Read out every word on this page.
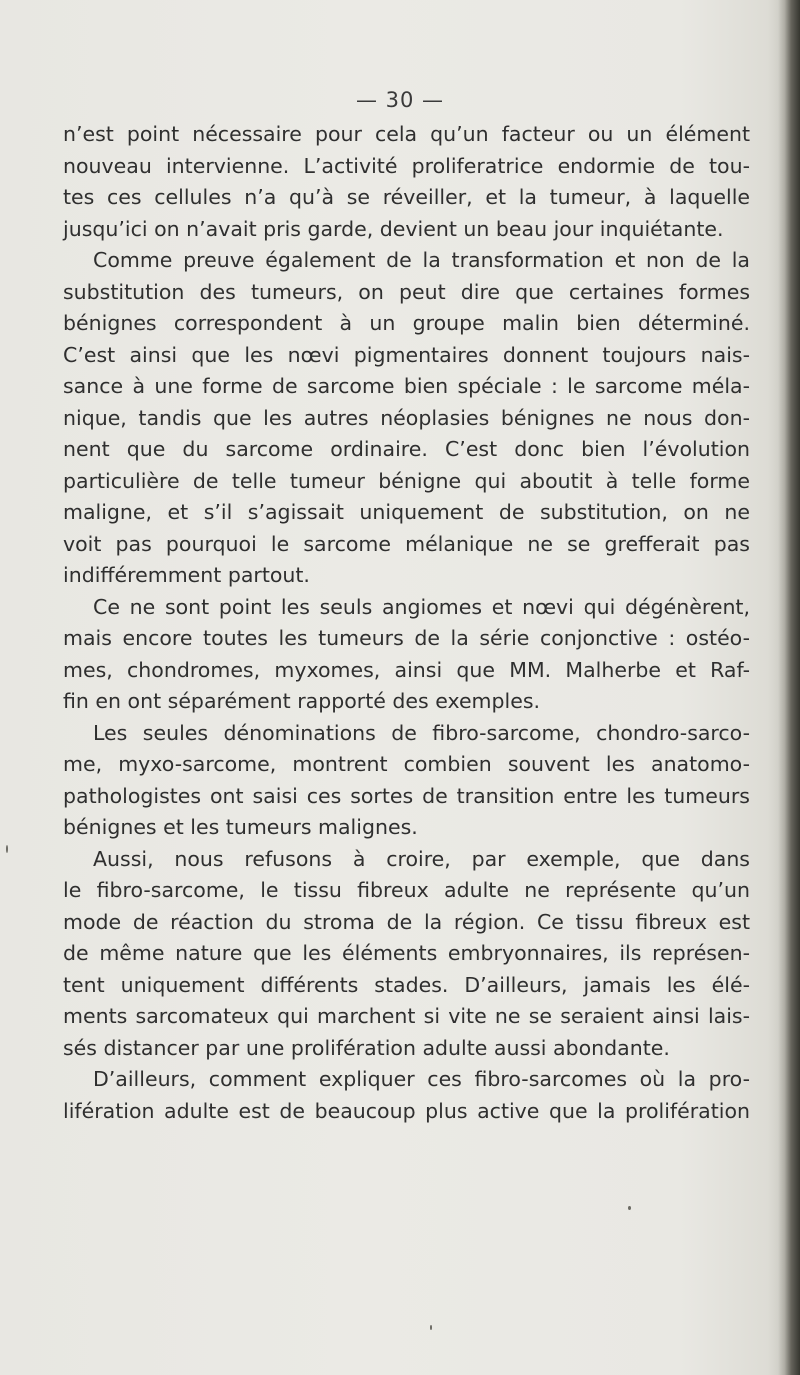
— 30 —
n’est point nécessaire pour cela qu’un facteur ou un élément
nouveau intervienne. L’activité proliferatrice endormie de tou-
tes ces cellules n’a qu’à se réveiller, et la tumeur, à laquelle
jusqu’ici on n’avait pris garde, devient un beau jour inquiétante.
Comme preuve également de la transformation et non de la
substitution des tumeurs, on peut dire que certaines formes
bénignes correspondent à un groupe malin bien déterminé.
C’est ainsi que les nœvi pigmentaires donnent toujours nais-
sance à une forme de sarcome bien spéciale : le sarcome méla-
nique, tandis que les autres néoplasies bénignes ne nous don-
nent que du sarcome ordinaire. C’est donc bien l’évolution
particulière de telle tumeur bénigne qui aboutit à telle forme
maligne, et s’il s’agissait uniquement de substitution, on ne
voit pas pourquoi le sarcome mélanique ne se grefferait pas
indifféremment partout.
Ce ne sont point les seuls angiomes et nœvi qui dégénèrent,
mais encore toutes les tumeurs de la série conjonctive : ostéo-
mes, chondromes, myxomes, ainsi que MM. Malherbe et Raf-
fin en ont séparément rapporté des exemples.
Les seules dénominations de fibro-sarcome, chondro-sarco-
me, myxo-sarcome, montrent combien souvent les anatomo-
pathologistes ont saisi ces sortes de transition entre les tumeurs
bénignes et les tumeurs malignes.
Aussi, nous refusons à croire, par exemple, que dans
le fibro-sarcome, le tissu fibreux adulte ne représente qu’un
mode de réaction du stroma de la région. Ce tissu fibreux est
de même nature que les éléments embryonnaires, ils représen-
tent uniquement différents stades. D’ailleurs, jamais les élé-
ments sarcomateux qui marchent si vite ne se seraient ainsi lais-
sés distancer par une prolifération adulte aussi abondante.
D’ailleurs, comment expliquer ces fibro-sarcomes où la pro-
lifération adulte est de beaucoup plus active que la prolifération
